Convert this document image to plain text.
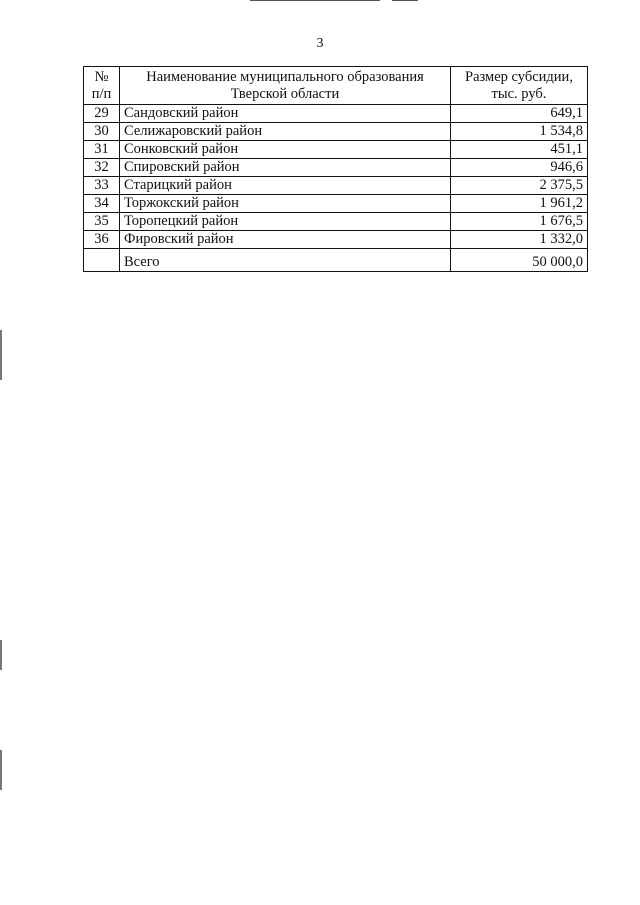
3
№ п/п	Наименование муниципального образования Тверской области	Размер субсидии, тыс. руб.
29	Сандовский район	649,1
30	Селижаровский район	1 534,8
31	Сонковский район	451,1
32	Спировский район	946,6
33	Старицкий район	2 375,5
34	Торжокский район	1 961,2
35	Торопецкий район	1 676,5
36	Фировский район	1 332,0
	Всего	50 000,0
